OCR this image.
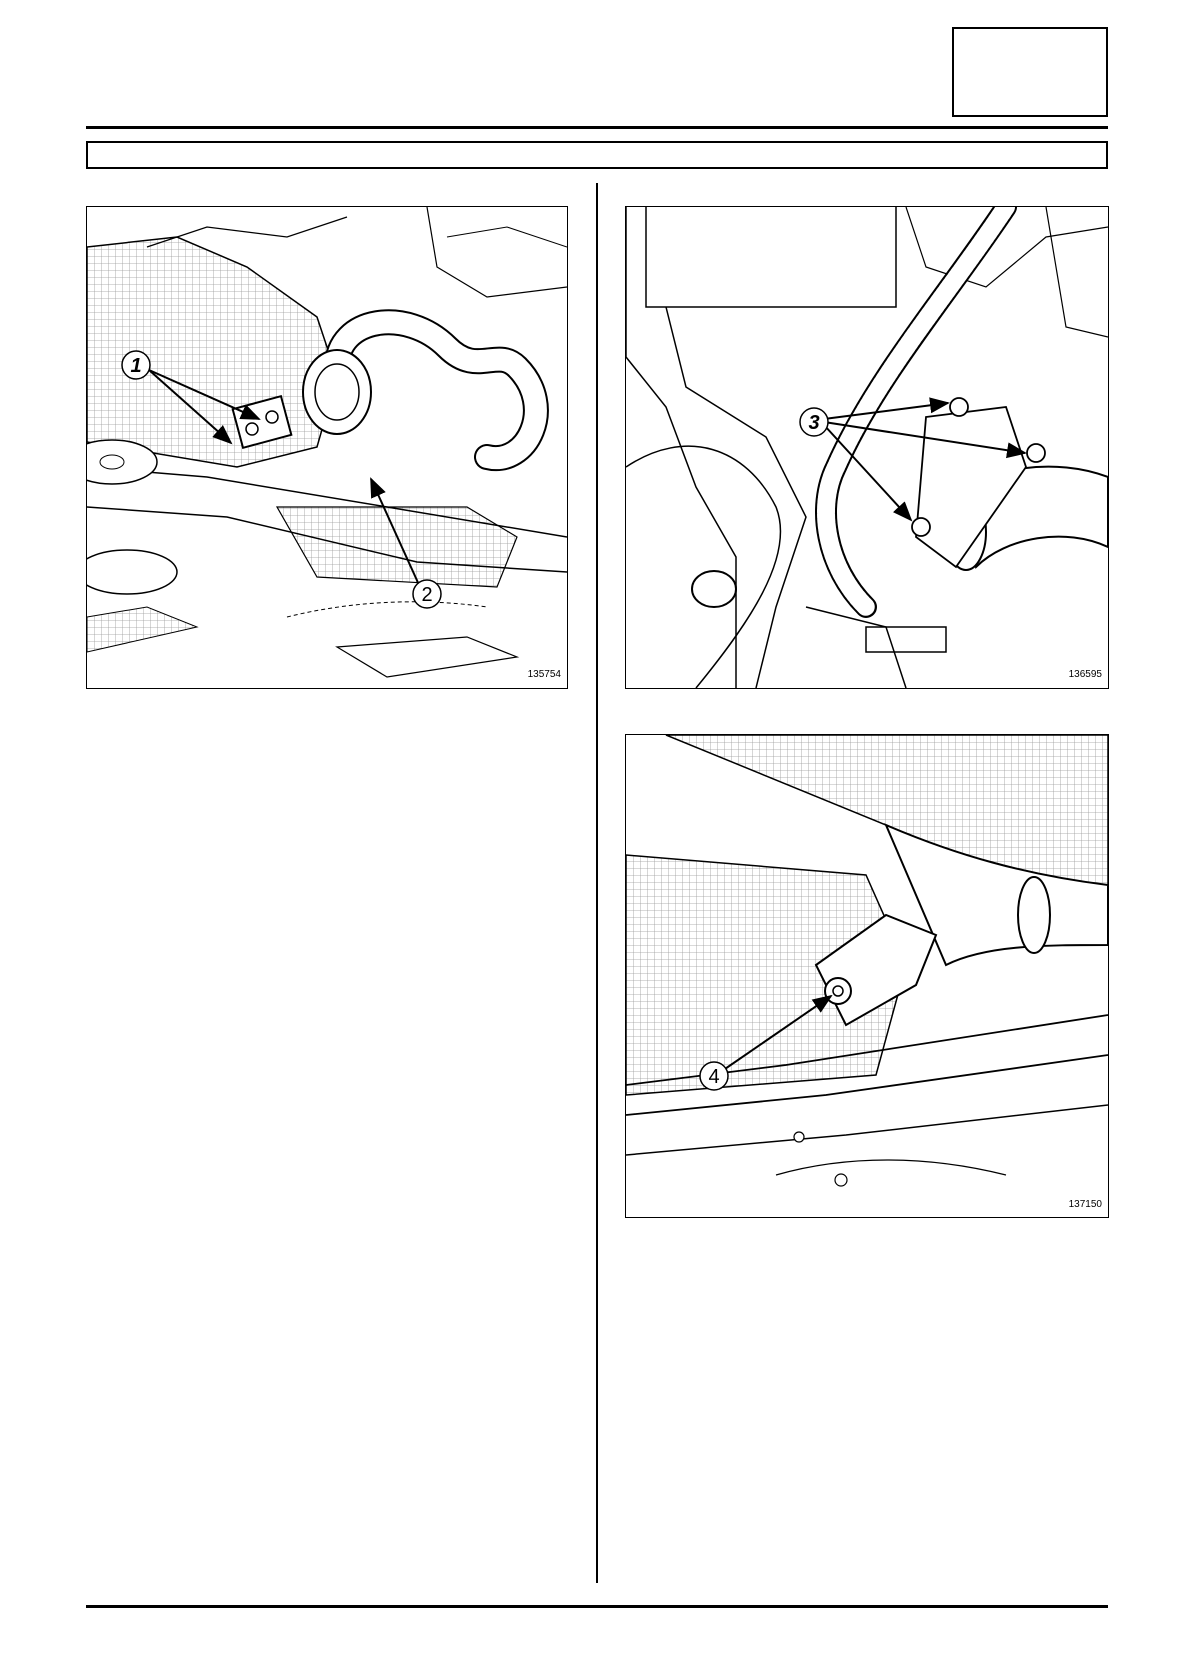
1
2
135754
3
136595
4
137150
